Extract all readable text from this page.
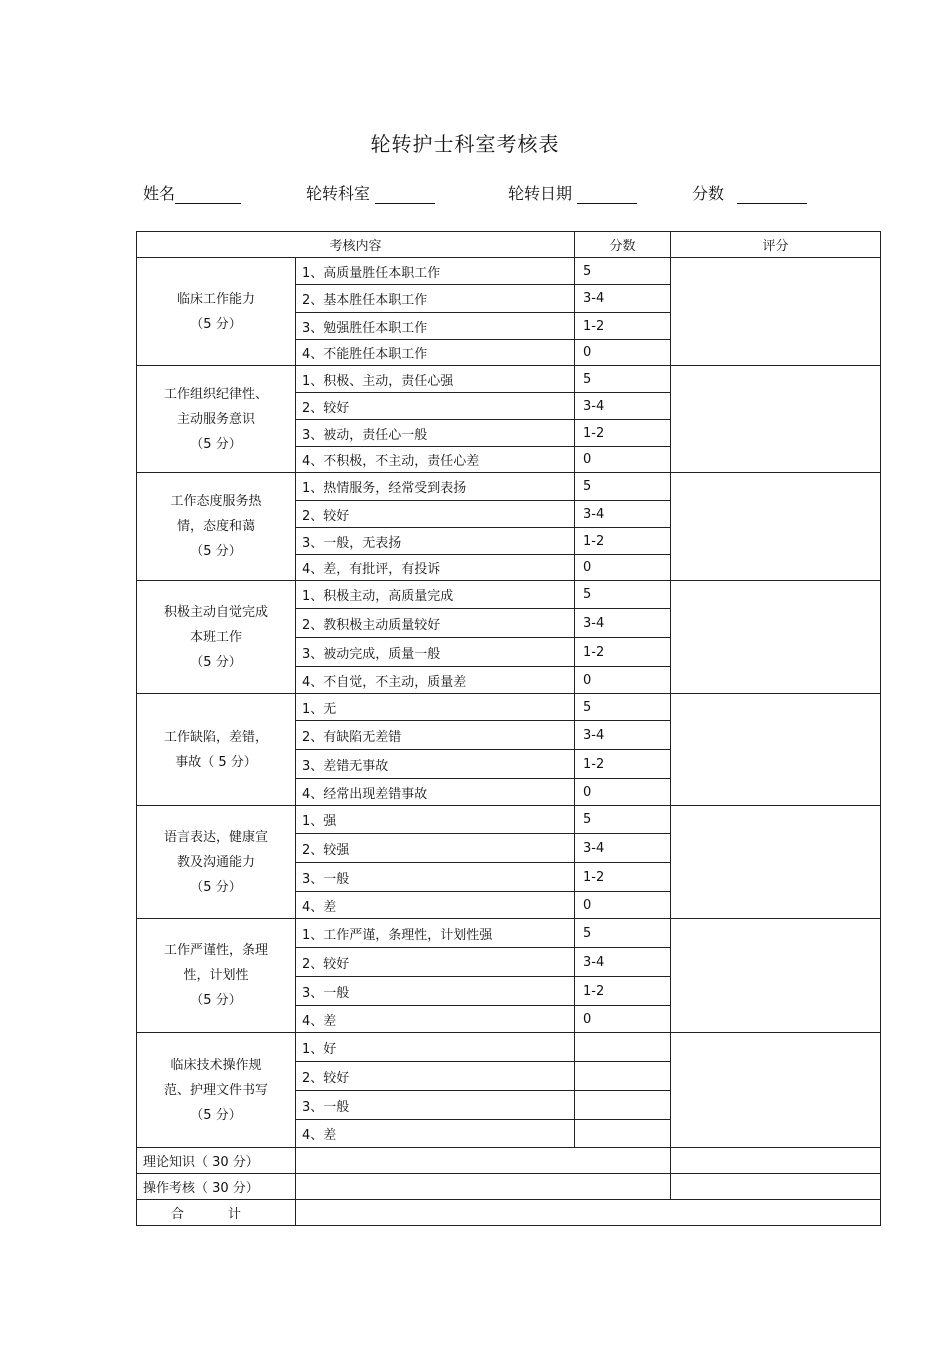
轮转护士科室考核表
姓名	轮转科室	轮转日期	分数
考核内容		分数	评分

临床工作能力
（5 分）	1、高质量胜任本职工作	5	
	2、基本胜任本职工作	3-4	
	3、勉强胜任本职工作	1-2	
	4、不能胜任本职工作	0	

工作组织纪律性、
主动服务意识
（5 分）	1、积极、主动，责任心强	5	
	2、较好	3-4	
	3、被动，责任心一般	1-2	
	4、不积极，不主动，责任心差	0	

工作态度服务热
情，态度和蔼
（5 分）	1、热情服务，经常受到表扬	5	
	2、较好	3-4	
	3、一般，无表扬	1-2	
	4、差，有批评，有投诉	0	

积极主动自觉完成
本班工作
（5 分）	1、积极主动，高质量完成	5	
	2、教积极主动质量较好	3-4	
	3、被动完成，质量一般	1-2	
	4、不自觉，不主动，质量差	0	

工作缺陷，差错，
事故（ 5 分）	1、无	5	
	2、有缺陷无差错	3-4	
	3、差错无事故	1-2	
	4、经常出现差错事故	0	

语言表达，健康宣
教及沟通能力
（5 分）	1、强	5	
	2、较强	3-4	
	3、一般	1-2	
	4、差	0	

工作严谨性，条理
性，计划性
（5 分）	1、工作严谨，条理性，计划性强	5	
	2、较好	3-4	
	3、一般	1-2	
	4、差	0	

临床技术操作规
范、护理文件书写
（5 分）	1、好		
	2、较好		
	3、一般		
	4、差		
理论知识（ 30 分）			
操作考核（ 30 分）			
合 计			
